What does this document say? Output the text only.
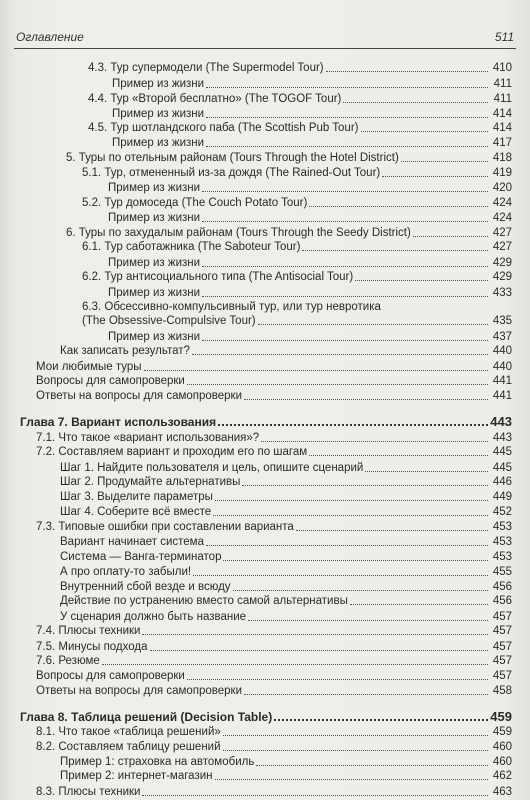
Оглавление	511
4.3. Тур супермодели (The Supermodel Tour)	410
Пример из жизни	411
4.4. Тур «Второй бесплатно» (The TOGOF Tour)	411
Пример из жизни	414
4.5. Тур шотландского паба (The Scottish Pub Tour)	414
Пример из жизни	417
5. Туры по отельным районам (Tours Through the Hotel District)	418
5.1. Тур, отмененный из-за дождя (The Rained-Out Tour)	419
Пример из жизни	420
5.2. Тур домоседа (The Couch Potato Tour)	424
Пример из жизни	424
6. Туры по захудалым районам (Tours Through the Seedy District)	427
6.1. Тур саботажника (The Saboteur Tour)	427
Пример из жизни	429
6.2. Тур антисоциального типа (The Antisocial Tour)	429
Пример из жизни	433
6.3. Обсессивно-компульсивный тур, или тур невротика
(The Obsessive-Compulsive Tour)	435
Пример из жизни	437
Как записать результат?	440
Мои любимые туры	440
Вопросы для самопроверки	441
Ответы на вопросы для самопроверки	441
Глава 7. Вариант использования	443
7.1. Что такое «вариант использования»?	443
7.2. Составляем вариант и проходим его по шагам	445
Шаг 1. Найдите пользователя и цель, опишите сценарий	445
Шаг 2. Продумайте альтернативы	446
Шаг 3. Выделите параметры	449
Шаг 4. Соберите всё вместе	452
7.3. Типовые ошибки при составлении варианта	453
Вариант начинает система	453
Система — Ванга-терминатор	453
А про оплату-то забыли!	455
Внутренний сбой везде и всюду	456
Действие по устранению вместо самой альтернативы	456
У сценария должно быть название	457
7.4. Плюсы техники	457
7.5. Минусы подхода	457
7.6. Резюме	457
Вопросы для самопроверки	457
Ответы на вопросы для самопроверки	458
Глава 8. Таблица решений (Decision Table)	459
8.1. Что такое «таблица решений»	459
8.2. Составляем таблицу решений	460
Пример 1: страховка на автомобиль	460
Пример 2: интернет-магазин	462
8.3. Плюсы техники	463
